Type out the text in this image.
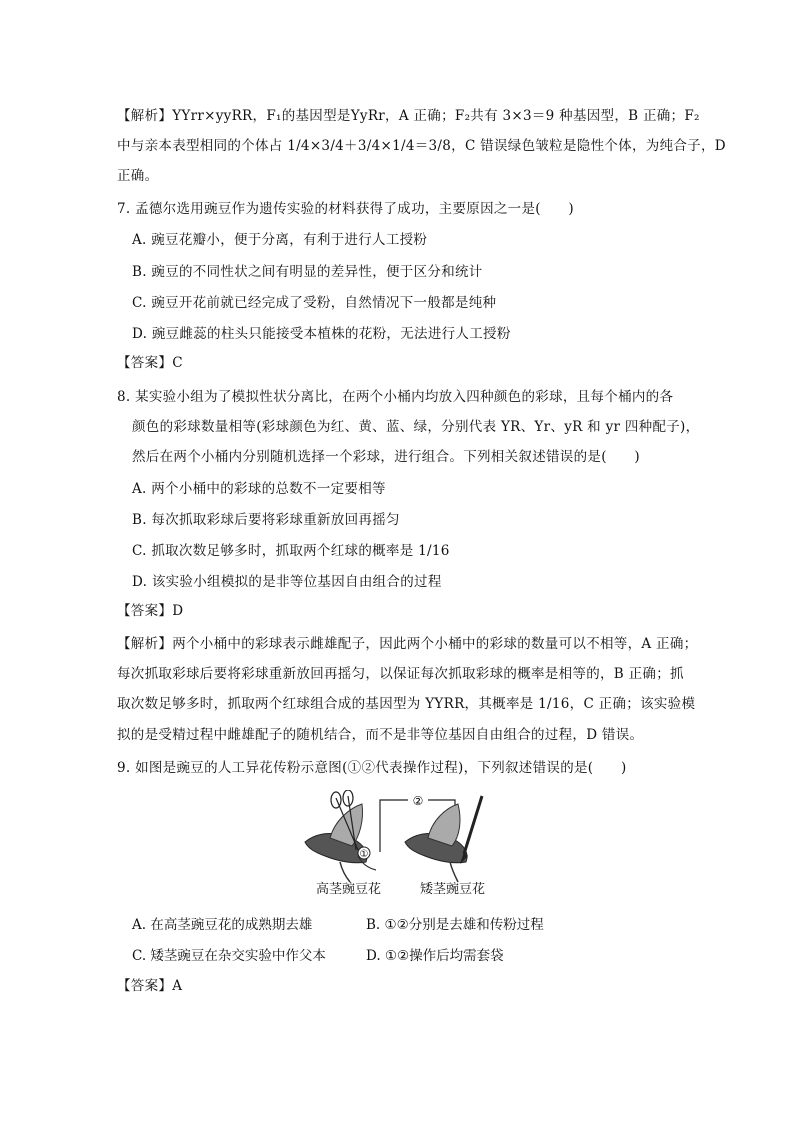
【解析】YYrr×yyRR，F₁的基因型是YyRr，A 正确；F₂共有 3×3＝9 种基因型，B 正确；F₂
中与亲本表型相同的个体占 1/4×3/4＋3/4×1/4＝3/8，C 错误绿色皱粒是隐性个体，为纯合子，D
正确。
7. 孟德尔选用豌豆作为遗传实验的材料获得了成功，主要原因之一是(　　)
A. 豌豆花瓣小，便于分离，有利于进行人工授粉
B. 豌豆的不同性状之间有明显的差异性，便于区分和统计
C. 豌豆开花前就已经完成了受粉，自然情况下一般都是纯种
D. 豌豆雌蕊的柱头只能接受本植株的花粉，无法进行人工授粉
【答案】C
8. 某实验小组为了模拟性状分离比，在两个小桶内均放入四种颜色的彩球，且每个桶内的各
颜色的彩球数量相等(彩球颜色为红、黄、蓝、绿，分别代表 YR、Yr、yR 和 yr 四种配子)，
然后在两个小桶内分别随机选择一个彩球，进行组合。下列相关叙述错误的是(　　)
A. 两个小桶中的彩球的总数不一定要相等
B. 每次抓取彩球后要将彩球重新放回再摇匀
C. 抓取次数足够多时，抓取两个红球的概率是 1/16
D. 该实验小组模拟的是非等位基因自由组合的过程
【答案】D
【解析】两个小桶中的彩球表示雌雄配子，因此两个小桶中的彩球的数量可以不相等，A 正确；
每次抓取彩球后要将彩球重新放回再摇匀，以保证每次抓取彩球的概率是相等的，B 正确；抓
取次数足够多时，抓取两个红球组合成的基因型为 YYRR，其概率是 1/16，C 正确；该实验模
拟的是受精过程中雌雄配子的随机结合，而不是非等位基因自由组合的过程，D 错误。
9. 如图是豌豆的人工异花传粉示意图(①②代表操作过程)，下列叙述错误的是(　　)
①
②
高茎豌豆花	矮茎豌豆花
A. 在高茎豌豆花的成熟期去雄	B. ①②分别是去雄和传粉过程
C. 矮茎豌豆在杂交实验中作父本	D. ①②操作后均需套袋
【答案】A
